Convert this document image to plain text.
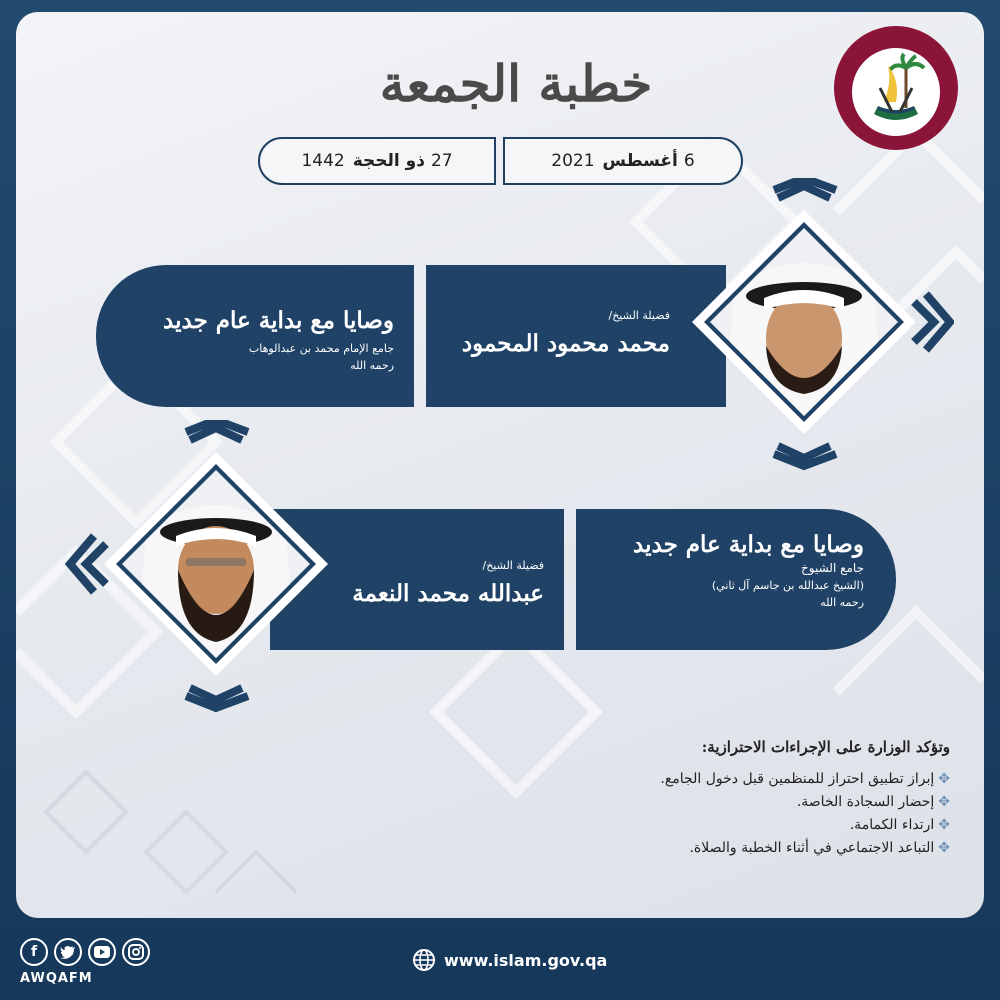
خطبة الجمعة
6
أغسطس
2021
27
ذو الحجة
1442
وصايا مع بداية عام جديد
جامع الإمام محمد بن عبدالوهاب
رحمه الله
فضيلة الشيخ/
محمد محمود المحمود
فضيلة الشيخ/
عبدالله محمد النعمة
وصايا مع بداية عام جديد
جامع الشيوخ
(الشيخ عبدالله بن جاسم آل ثاني)
رحمه الله
وتؤكد الوزارة على الإجراءات الاحترازية:
✥
إبراز تطبيق احتراز للمنظمين قبل دخول الجامع.
✥
إحضار السجادة الخاصة.
✥
ارتداء الكمامة.
✥
التباعد الاجتماعي في أثناء الخطبة والصلاة.
f
AWQAFM
www.islam.gov.qa
